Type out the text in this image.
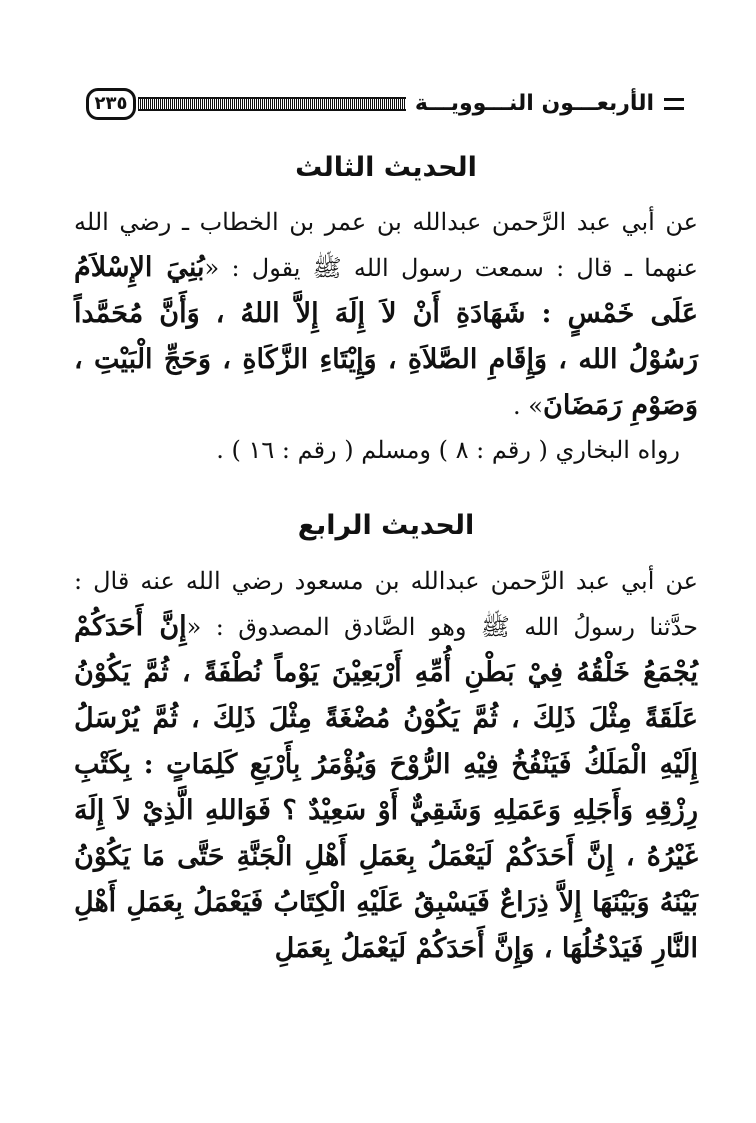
الأربعـــون النـــوويـــة
٢٣٥
الحديث الثالث

عن أبي عبد الرَّحمن عبدالله بن عمر بن الخطاب ـ رضي الله عنهما ـ قال : سمعت رسول الله ﷺ يقول : «بُنِيَ الإِسْلاَمُ عَلَى خَمْسٍ : شَهَادَةِ أَنْ لاَ إِلَهَ إِلاَّ اللهُ ، وَأَنَّ مُحَمَّداً رَسُوْلُ الله ، وَإِقَامِ الصَّلاَةِ ، وَإِيْتَاءِ الزَّكَاةِ ، وَحَجِّ الْبَيْتِ ، وَصَوْمِ رَمَضَانَ» .

رواه البخاري ( رقم : ٨ ) ومسلم ( رقم : ١٦ ) .

الحديث الرابع

عن أبي عبد الرَّحمن عبدالله بن مسعود رضي الله عنه قال : حدَّثنا رسولُ الله ﷺ وهو الصَّادق المصدوق : «إِنَّ أَحَدَكُمْ يُجْمَعُ خَلْقُهُ فِيْ بَطْنِ أُمِّهِ أَرْبَعِيْنَ يَوْماً نُطْفَةً ، ثُمَّ يَكُوْنُ عَلَقَةً مِثْلَ ذَلِكَ ، ثُمَّ يَكُوْنُ مُضْغَةً مِثْلَ ذَلِكَ ، ثُمَّ يُرْسَلُ إِلَيْهِ الْمَلَكُ فَيَنْفُخُ فِيْهِ الرُّوْحَ وَيُؤْمَرُ بِأَرْبَعِ كَلِمَاتٍ : بِكَتْبِ رِزْقِهِ وَأَجَلِهِ وَعَمَلِهِ وَشَقِيٌّ أَوْ سَعِيْدٌ ؟ فَوَاللهِ الَّذِيْ لاَ إِلَهَ غَيْرُهُ ، إِنَّ أَحَدَكُمْ لَيَعْمَلُ بِعَمَلِ أَهْلِ الْجَنَّةِ حَتَّى مَا يَكُوْنُ بَيْنَهُ وَبَيْنَهَا إِلاَّ ذِرَاعٌ فَيَسْبِقُ عَلَيْهِ الْكِتَابُ فَيَعْمَلُ بِعَمَلِ أَهْلِ النَّارِ فَيَدْخُلُهَا ، وَإِنَّ أَحَدَكُمْ لَيَعْمَلُ بِعَمَلِ
